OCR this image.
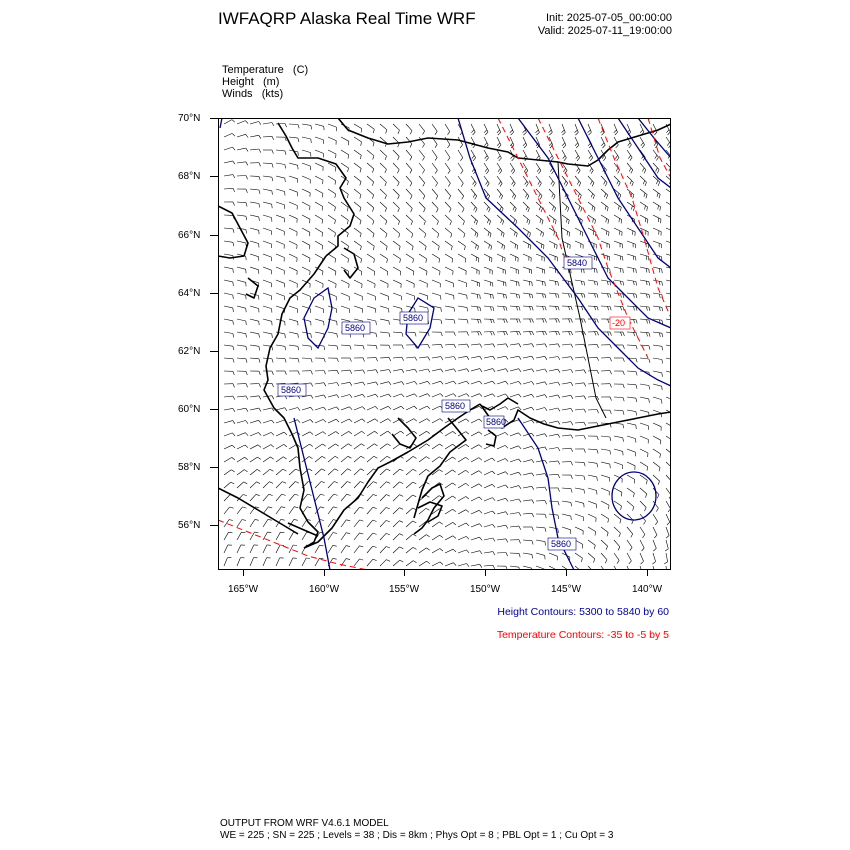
IWFAQRP Alaska Real Time WRF	Init: 2025-07-05_00:00:00
Valid: 2025-07-11_19:00:00
Temperature   (C)
Height   (m)
Winds   (kts)
5840
5860
5860
5860
5860
5860
5860
-20
70°N
68°N
66°N
64°N
62°N
60°N
58°N
56°N
165°W	160°W	155°W	150°W	145°W	140°W
Height Contours: 5300 to 5840 by 60
Temperature Contours: -35 to -5 by 5
OUTPUT FROM WRF V4.6.1 MODEL
WE = 225 ; SN = 225 ; Levels = 38 ; Dis = 8km ; Phys Opt = 8 ; PBL Opt = 1 ; Cu Opt = 3
